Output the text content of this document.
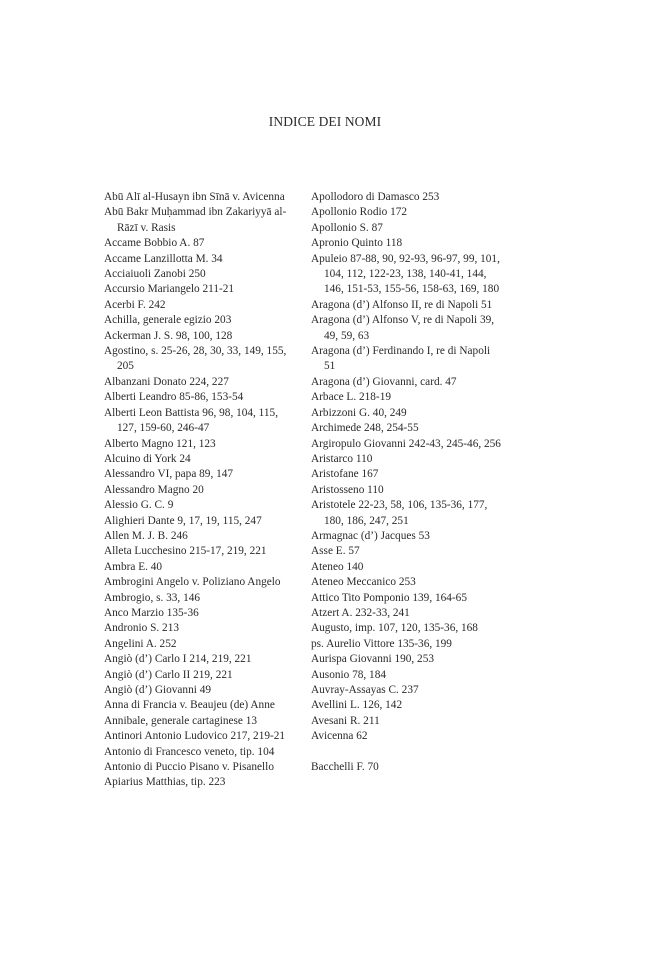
INDICE DEI NOMI
Abū Alī al-Husayn ibn Sīnā v. Avicenna
Abū Bakr Muḥammad ibn Zakariyyā al-Rāzī v. Rasis
Accame Bobbio A. 87
Accame Lanzillotta M. 34
Acciaiuoli Zanobi 250
Accursio Mariangelo 211-21
Acerbi F. 242
Achilla, generale egizio 203
Ackerman J. S. 98, 100, 128
Agostino, s. 25-26, 28, 30, 33, 149, 155, 205
Albanzani Donato 224, 227
Alberti Leandro 85-86, 153-54
Alberti Leon Battista 96, 98, 104, 115, 127, 159-60, 246-47
Alberto Magno 121, 123
Alcuino di York 24
Alessandro VI, papa 89, 147
Alessandro Magno 20
Alessio G. C. 9
Alighieri Dante 9, 17, 19, 115, 247
Allen M. J. B. 246
Alleta Lucchesino 215-17, 219, 221
Ambra E. 40
Ambrogini Angelo v. Poliziano Angelo
Ambrogio, s. 33, 146
Anco Marzio 135-36
Andronio S. 213
Angelini A. 252
Angiò (d’) Carlo I 214, 219, 221
Angiò (d’) Carlo II 219, 221
Angiò (d’) Giovanni 49
Anna di Francia v. Beaujeu (de) Anne
Annibale, generale cartaginese 13
Antinori Antonio Ludovico 217, 219-21
Antonio di Francesco veneto, tip. 104
Antonio di Puccio Pisano v. Pisanello
Apiarius Matthias, tip. 223
Apollodoro di Damasco 253
Apollonio Rodio 172
Apollonio S. 87
Apronio Quinto 118
Apuleio 87-88, 90, 92-93, 96-97, 99, 101, 104, 112, 122-23, 138, 140-41, 144, 146, 151-53, 155-56, 158-63, 169, 180
Aragona (d’) Alfonso II, re di Napoli 51
Aragona (d’) Alfonso V, re di Napoli 39, 49, 59, 63
Aragona (d’) Ferdinando I, re di Napoli 51
Aragona (d’) Giovanni, card. 47
Arbace L. 218-19
Arbizzoni G. 40, 249
Archimede 248, 254-55
Argiropulo Giovanni 242-43, 245-46, 256
Aristarco 110
Aristofane 167
Aristosseno 110
Aristotele 22-23, 58, 106, 135-36, 177, 180, 186, 247, 251
Armagnac (d’) Jacques 53
Asse E. 57
Ateneo 140
Ateneo Meccanico 253
Attico Tito Pomponio 139, 164-65
Atzert A. 232-33, 241
Augusto, imp. 107, 120, 135-36, 168
ps. Aurelio Vittore 135-36, 199
Aurispa Giovanni 190, 253
Ausonio 78, 184
Auvray-Assayas C. 237
Avellini L. 126, 142
Avesani R. 211
Avicenna 62
Bacchelli F. 70
